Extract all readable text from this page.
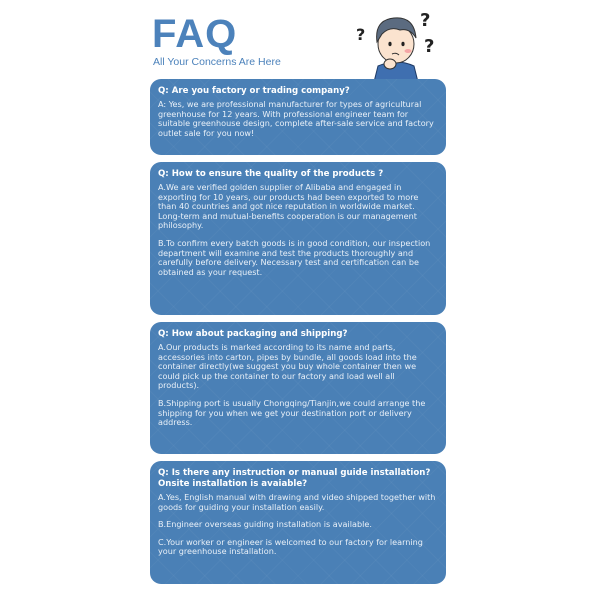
FAQ
All Your Concerns Are Here
?
?
?
Q: Are you factory or trading company?

A: Yes, we are professional manufacturer for types of agricultural greenhouse for 12 years. With professional engineer team for suitable greenhouse design, complete after-sale service and factory outlet sale for you now!

Q: How to ensure the quality of the products ?

A.We are verified golden supplier of Alibaba and engaged in exporting for 10 years, our products had been exported to more than 40 countries and got nice reputation in worldwide market. Long-term and mutual-benefits cooperation is our management philosophy.

B.To confirm every batch goods is in good condition, our inspection department will examine and test the products thoroughly and carefully before delivery. Necessary test and certification can be obtained as your request.

Q: How about packaging and shipping?

A.Our products is marked according to its name and parts, accessories into carton, pipes by bundle, all goods load into the container directly(we suggest you buy whole container then we could pick up the container to our factory and load well all products).

B.Shipping port is usually Chongqing/Tianjin,we could arrange the shipping for you when we get your destination port or delivery address.

Q: Is there any instruction or manual guide installation? Onsite installation is avaiable?

A.Yes, English manual with drawing and video shipped together with goods for guiding your installation easily.

B.Engineer overseas guiding installation is available.

C.Your worker or engineer is welcomed to our factory for learning your greenhouse installation.
